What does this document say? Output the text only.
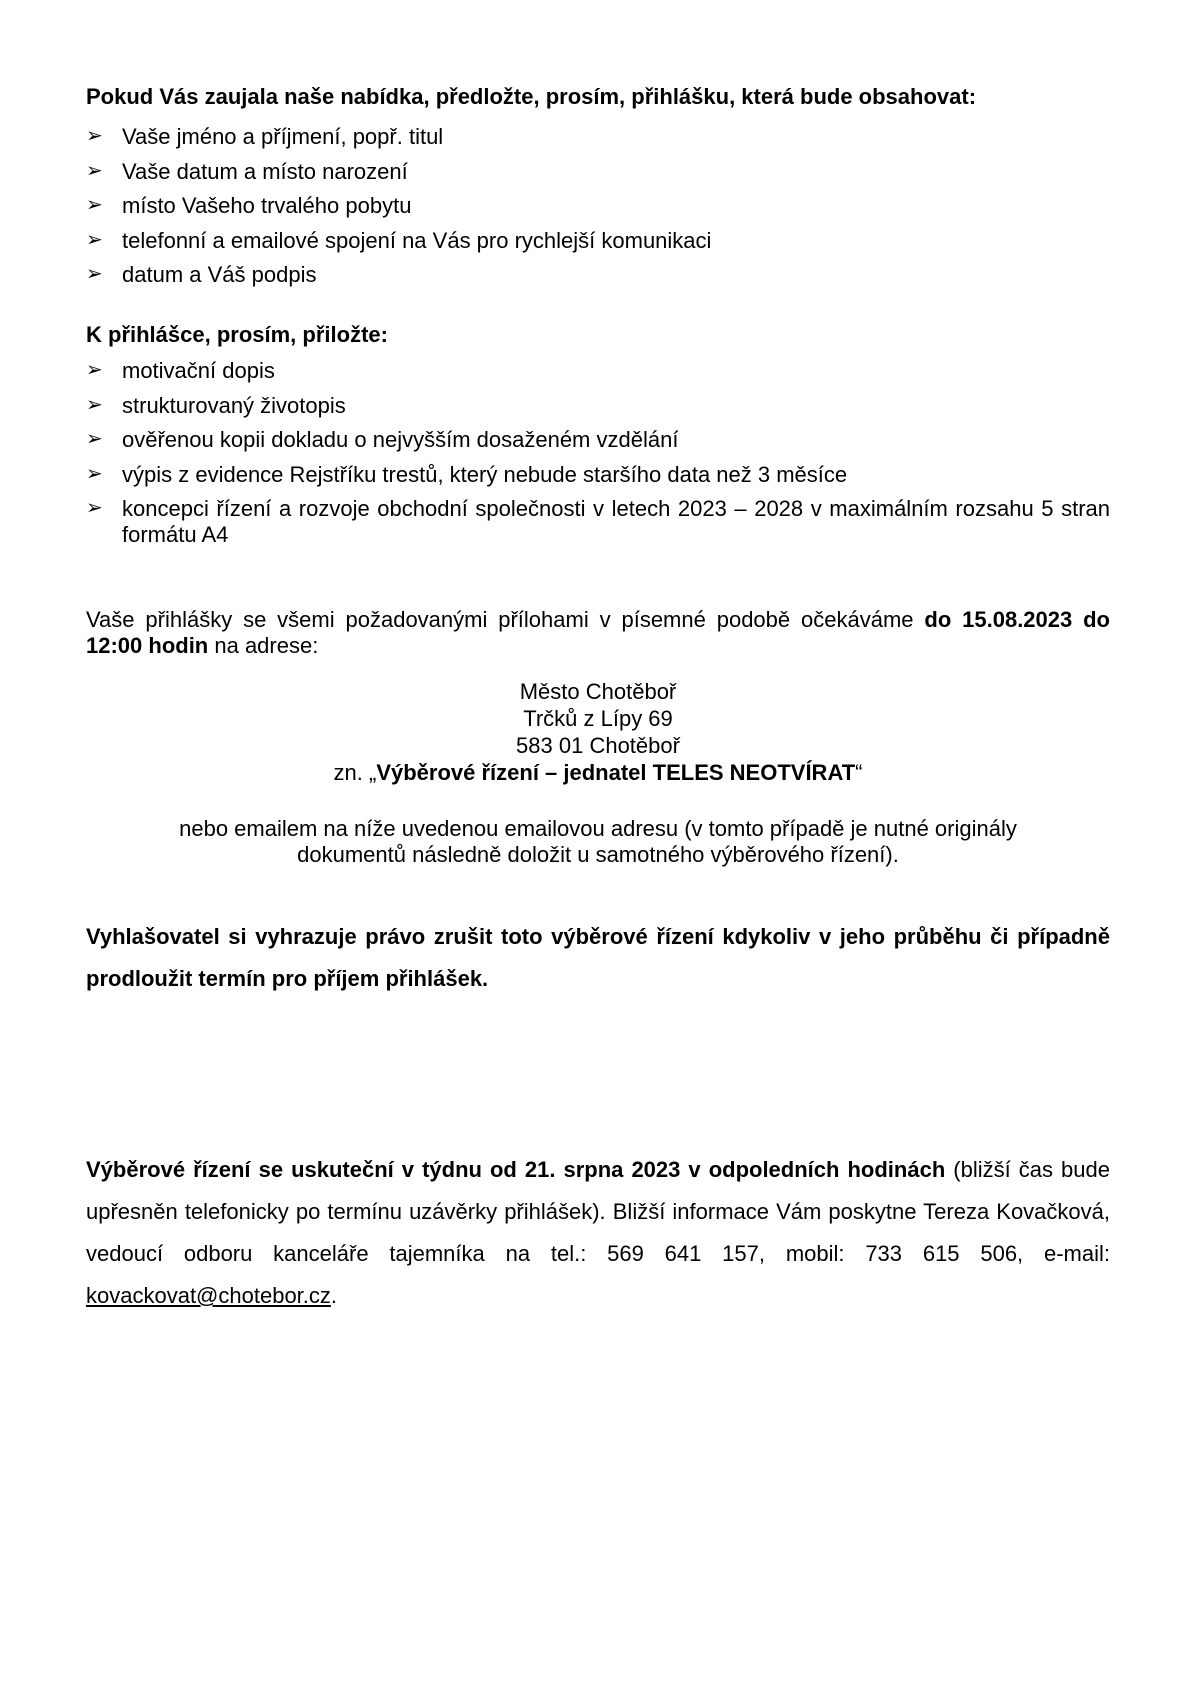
Pokud Vás zaujala naše nabídka, předložte, prosím, přihlášku, která bude obsahovat:

➢ Vaše jméno a příjmení, popř. titul
➢ Vaše datum a místo narození
➢ místo Vašeho trvalého pobytu
➢ telefonní a emailové spojení na Vás pro rychlejší komunikaci
➢ datum a Váš podpis

K přihlášce, prosím, přiložte:

➢ motivační dopis
➢ strukturovaný životopis
➢ ověřenou kopii dokladu o nejvyšším dosaženém vzdělání
➢ výpis z evidence Rejstříku trestů, který nebude staršího data než 3 měsíce
➢ koncepci řízení a rozvoje obchodní společnosti v letech 2023 – 2028 v maximálním rozsahu 5 stran formátu A4
Vaše přihlášky se všemi požadovanými přílohami v písemné podobě očekáváme do 15.08.2023 do 12:00 hodin na adrese:
Město Chotěboř
Trčků z Lípy 69
583 01 Chotěboř
zn. „Výběrové řízení – jednatel TELES NEOTVÍRAT“
nebo emailem na níže uvedenou emailovou adresu (v tomto případě je nutné originály
dokumentů následně doložit u samotného výběrového řízení).
Vyhlašovatel si vyhrazuje právo zrušit toto výběrové řízení kdykoliv v jeho průběhu či případně prodloužit termín pro příjem přihlášek.
Výběrové řízení se uskuteční v týdnu od 21. srpna 2023 v odpoledních hodinách (bližší čas bude upřesněn telefonicky po termínu uzávěrky přihlášek). Bližší informace Vám poskytne Tereza Kovačková, vedoucí odboru kanceláře tajemníka na tel.: 569 641 157, mobil: 733 615 506, e-mail: kovackovat@chotebor.cz.
